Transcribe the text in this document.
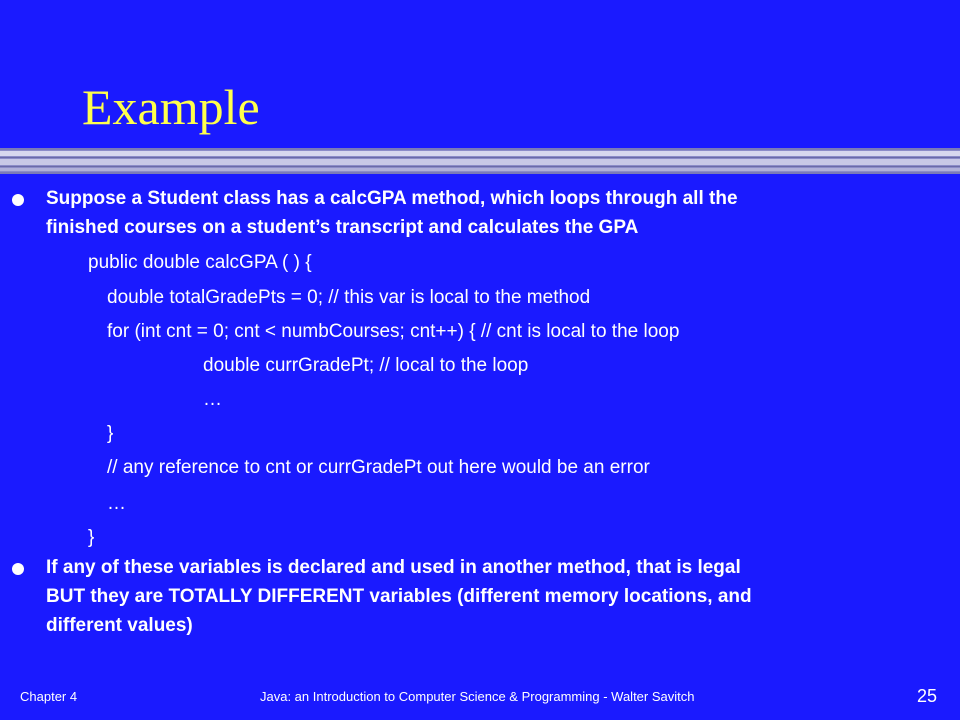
Example
Suppose a Student class has a calcGPA method, which loops through all the
finished courses on a student’s transcript and calculates the GPA
public double calcGPA ( ) {
double totalGradePts = 0; // this var is local to the method
for (int cnt = 0; cnt < numbCourses; cnt++) { // cnt is local to the loop
double currGradePt; // local to the loop
…
}
// any reference to cnt or currGradePt out here would be an error
…
}
If any of these variables is declared and used in another method, that is legal
BUT they are TOTALLY DIFFERENT variables (different memory locations, and
different values)
Chapter 4	Java: an Introduction to Computer Science & Programming - Walter Savitch	25
